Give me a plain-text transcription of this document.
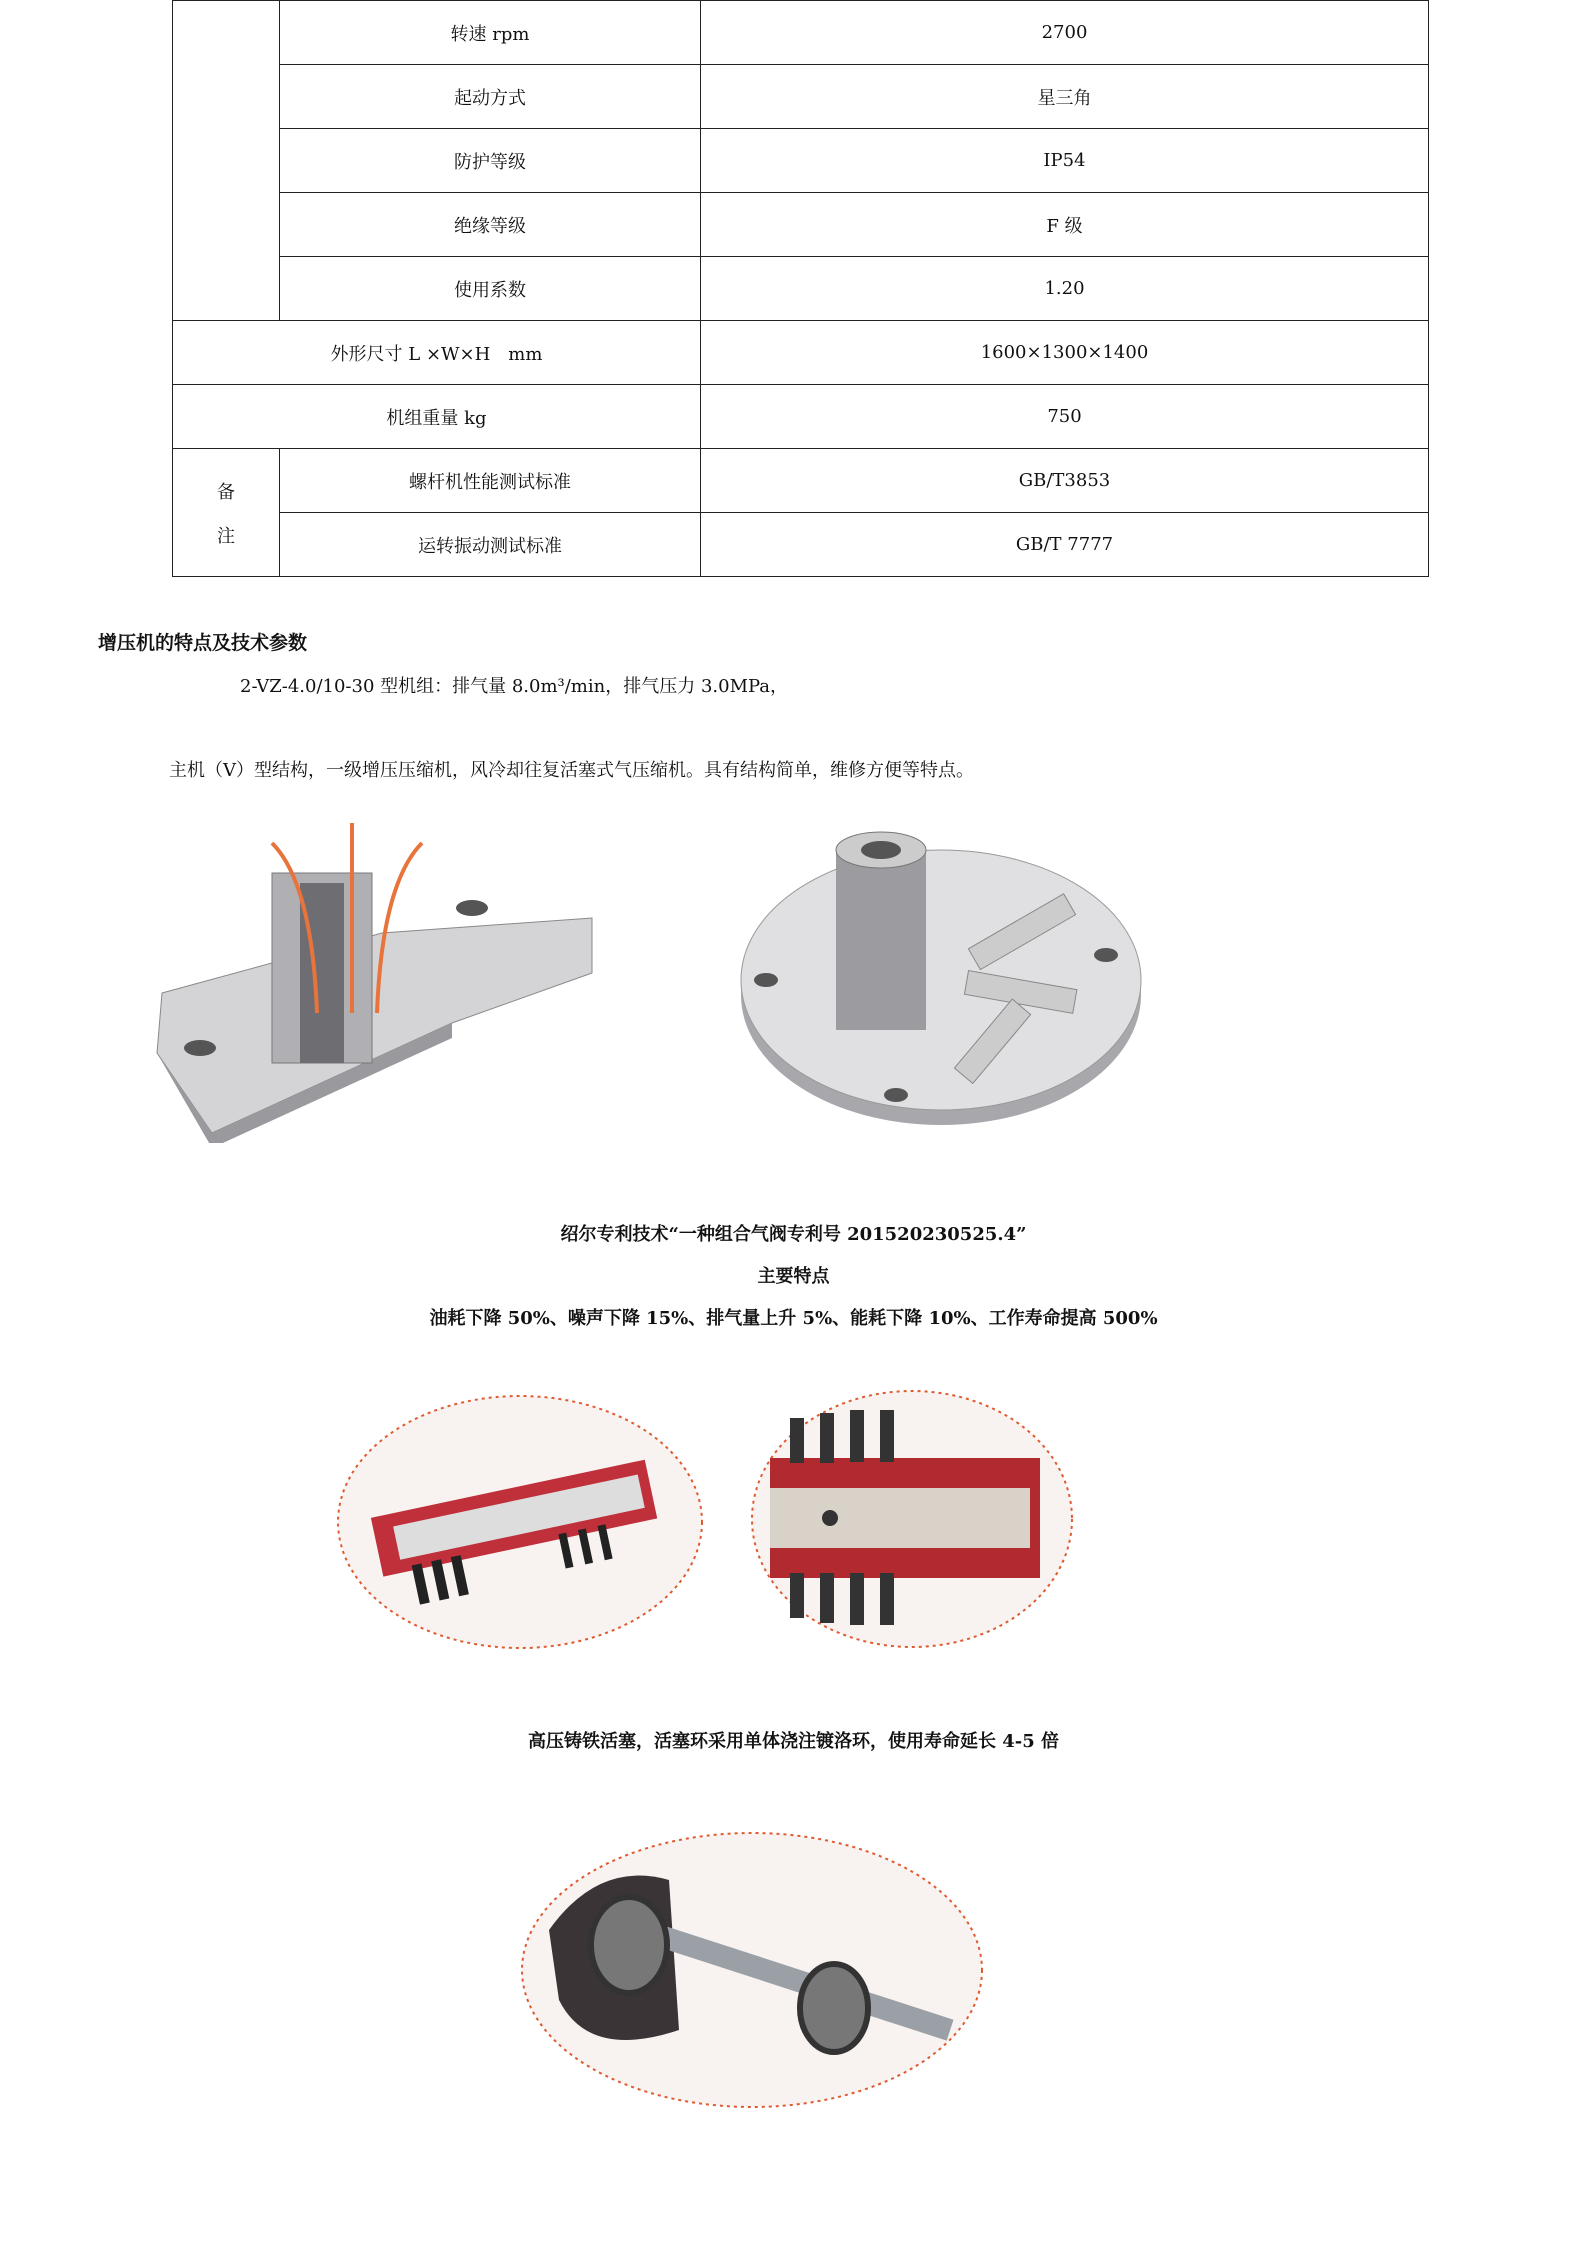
	转速 rpm	2700
	起动方式	星三角
	防护等级	IP54
	绝缘等级	F 级
	使用系数	1.20
外形尺寸 L ×W×H　mm		1600×1300×1400
机组重量 kg		750

备
注	螺杆机性能测试标准	GB/T3853
	运转振动测试标准	GB/T 7777
增压机的特点及技术参数
2-VZ-4.0/10-30 型机组：排气量 8.0m³/min，排气压力 3.0MPa，
主机（V）型结构，一级增压压缩机，风冷却往复活塞式气压缩机。具有结构简单，维修方便等特点。
绍尔专利技术“一种组合气阀专利号 201520230525.4”
主要特点
油耗下降 50%、噪声下降 15%、排气量上升 5%、能耗下降 10%、工作寿命提高 500%
高压铸铁活塞，活塞环采用单体浇注镀洛环，使用寿命延长 4-5 倍
